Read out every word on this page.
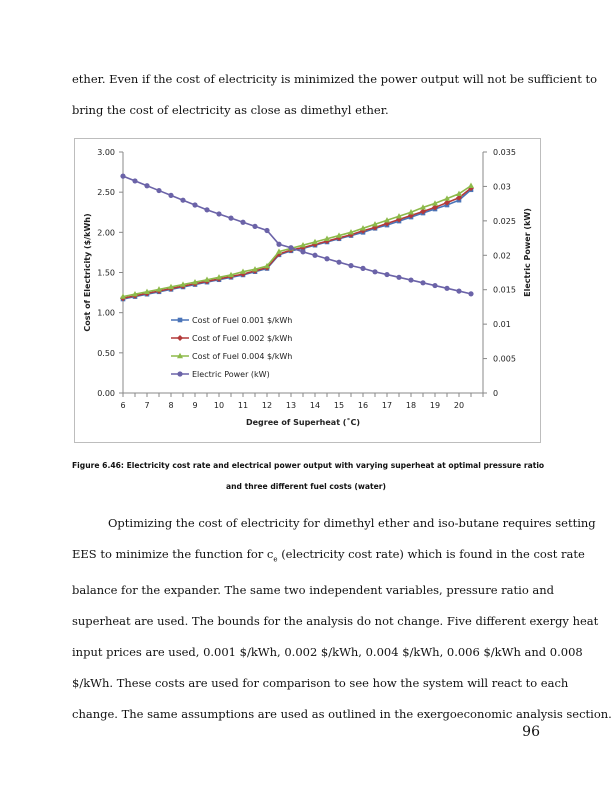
ether. Even if the cost of electricity is minimized the power output will not be sufficient to
bring the cost of electricity as close as dimethyl ether.
0.00
0.50
1.00
1.50
2.00
2.50
3.00
0
0.005
0.01
0.015
0.02
0.025
0.03
0.035
6 7 8 9 10 11 12 13 14 15 16 17 18 19 20
Degree of Superheat (˚C)
Cost of Electricity ($/kWh)	Electric Power (kW)
Cost of Fuel 0.001 $/kWh
Cost of Fuel 0.002 $/kWh
Cost of Fuel 0.004 $/kWh
Electric Power (kW)
Figure 6.46: Electricity cost rate and electrical power output with varying superheat at optimal pressure ratio
and three different fuel costs (water)
Optimizing the cost of electricity for dimethyl ether and iso-butane requires setting
EES to minimize the function for $c_e$ (electricity cost rate) which is found in the cost rate
balance for the expander. The same two independent variables, pressure ratio and
superheat are used. The bounds for the analysis do not change. Five different exergy heat
input prices are used, 0.001 $/kWh, 0.002 $/kWh, 0.004 $/kWh, 0.006 $/kWh and 0.008
$/kWh. These costs are used for comparison to see how the system will react to each
change. The same assumptions are used as outlined in the exergoeconomic analysis section.
96
